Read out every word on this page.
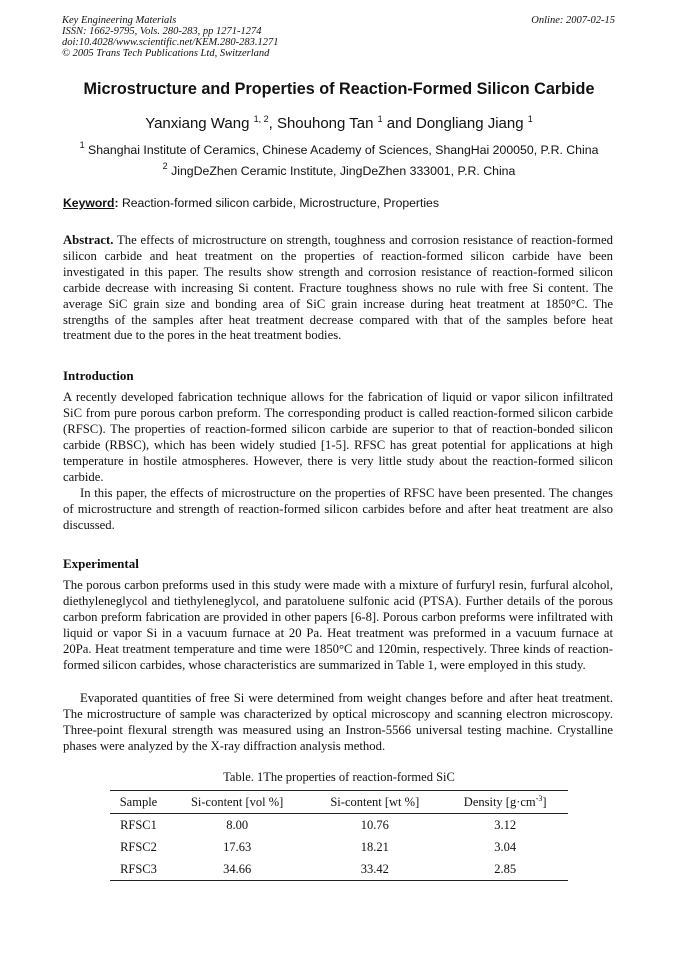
Key Engineering Materials
ISSN: 1662-9795, Vols. 280-283, pp 1271-1274
doi:10.4028/www.scientific.net/KEM.280-283.1271
© 2005 Trans Tech Publications Ltd, Switzerland
Online: 2007-02-15
Microstructure and Properties of Reaction-Formed Silicon Carbide
Yanxiang Wang $^{1, 2}$, Shouhong Tan $^1$ and Dongliang Jiang $^1$
$^1$ Shanghai Institute of Ceramics, Chinese Academy of Sciences, ShangHai 200050, P.R. China
$^2$ JingDeZhen Ceramic Institute, JingDeZhen 333001, P.R. China
Keyword: Reaction-formed silicon carbide, Microstructure, Properties
Abstract. The effects of microstructure on strength, toughness and corrosion resistance of reaction-formed silicon carbide and heat treatment on the properties of reaction-formed silicon carbide have been investigated in this paper. The results show strength and corrosion resistance of reaction-formed silicon carbide decrease with increasing Si content. Fracture toughness shows no rule with free Si content. The average SiC grain size and bonding area of SiC grain increase during heat treatment at 1850°C. The strengths of the samples after heat treatment decrease compared with that of the samples before heat treatment due to the pores in the heat treatment bodies.
Introduction
A recently developed fabrication technique allows for the fabrication of liquid or vapor silicon infiltrated SiC from pure porous carbon preform. The corresponding product is called reaction-formed silicon carbide (RFSC). The properties of reaction-formed silicon carbide are superior to that of reaction-bonded silicon carbide (RBSC), which has been widely studied [1-5]. RFSC has great potential for applications at high temperature in hostile atmospheres. However, there is very little study about the reaction-formed silicon carbide.
In this paper, the effects of microstructure on the properties of RFSC have been presented. The changes of microstructure and strength of reaction-formed silicon carbides before and after heat treatment are also discussed.
Experimental
The porous carbon preforms used in this study were made with a mixture of furfuryl resin, furfural alcohol, diethyleneglycol and tiethyleneglycol, and paratoluene sulfonic acid (PTSA). Further details of the porous carbon preform fabrication are provided in other papers [6-8]. Porous carbon preforms were infiltrated with liquid or vapor Si in a vacuum furnace at 20 Pa. Heat treatment was preformed in a vacuum furnace at 20Pa. Heat treatment temperature and time were 1850°C and 120min, respectively. Three kinds of reaction-formed silicon carbides, whose characteristics are summarized in Table 1, were employed in this study.
Evaporated quantities of free Si were determined from weight changes before and after heat treatment. The microstructure of sample was characterized by optical microscopy and scanning electron microscopy. Three-point flexural strength was measured using an Instron-5566 universal testing machine. Crystalline phases were analyzed by the X-ray diffraction analysis method.
Table. 1The properties of reaction-formed SiC
Sample	Si-content [vol %]	Si-content [wt %]	Density $[g\cdot cm^{-3}]$
RFSC1	8.00	10.76	3.12
RFSC2	17.63	18.21	3.04
RFSC3	34.66	33.42	2.85
